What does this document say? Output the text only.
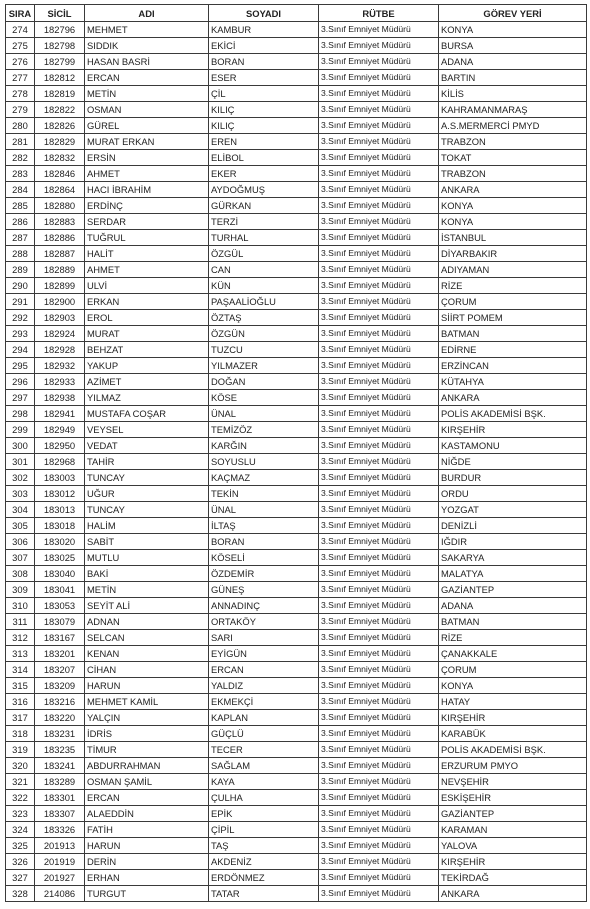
SIRA	SİCİL	ADI	SOYADI	RÜTBE	GÖREV YERİ
274	182796	MEHMET	KAMBUR	3.Sınıf Emniyet Müdürü	KONYA
275	182798	SIDDIK	EKİCİ	3.Sınıf Emniyet Müdürü	BURSA
276	182799	HASAN BASRİ	BORAN	3.Sınıf Emniyet Müdürü	ADANA
277	182812	ERCAN	ESER	3.Sınıf Emniyet Müdürü	BARTIN
278	182819	METİN	ÇİL	3.Sınıf Emniyet Müdürü	KİLİS
279	182822	OSMAN	KILIÇ	3.Sınıf Emniyet Müdürü	KAHRAMANMARAŞ
280	182826	GÜREL	KILIÇ	3.Sınıf Emniyet Müdürü	A.S.MERMERCİ PMYD
281	182829	MURAT ERKAN	EREN	3.Sınıf Emniyet Müdürü	TRABZON
282	182832	ERSİN	ELİBOL	3.Sınıf Emniyet Müdürü	TOKAT
283	182846	AHMET	EKER	3.Sınıf Emniyet Müdürü	TRABZON
284	182864	HACI İBRAHİM	AYDOĞMUŞ	3.Sınıf Emniyet Müdürü	ANKARA
285	182880	ERDİNÇ	GÜRKAN	3.Sınıf Emniyet Müdürü	KONYA
286	182883	SERDAR	TERZİ	3.Sınıf Emniyet Müdürü	KONYA
287	182886	TUĞRUL	TURHAL	3.Sınıf Emniyet Müdürü	İSTANBUL
288	182887	HALİT	ÖZGÜL	3.Sınıf Emniyet Müdürü	DİYARBAKIR
289	182889	AHMET	CAN	3.Sınıf Emniyet Müdürü	ADIYAMAN
290	182899	ULVİ	KÜN	3.Sınıf Emniyet Müdürü	RİZE
291	182900	ERKAN	PAŞAALİOĞLU	3.Sınıf Emniyet Müdürü	ÇORUM
292	182903	EROL	ÖZTAŞ	3.Sınıf Emniyet Müdürü	SİİRT POMEM
293	182924	MURAT	ÖZGÜN	3.Sınıf Emniyet Müdürü	BATMAN
294	182928	BEHZAT	TUZCU	3.Sınıf Emniyet Müdürü	EDİRNE
295	182932	YAKUP	YILMAZER	3.Sınıf Emniyet Müdürü	ERZİNCAN
296	182933	AZİMET	DOĞAN	3.Sınıf Emniyet Müdürü	KÜTAHYA
297	182938	YILMAZ	KÖSE	3.Sınıf Emniyet Müdürü	ANKARA
298	182941	MUSTAFA COŞAR	ÜNAL	3.Sınıf Emniyet Müdürü	POLİS AKADEMİSİ BŞK.
299	182949	VEYSEL	TEMİZÖZ	3.Sınıf Emniyet Müdürü	KIRŞEHİR
300	182950	VEDAT	KARĞIN	3.Sınıf Emniyet Müdürü	KASTAMONU
301	182968	TAHİR	SOYUSLU	3.Sınıf Emniyet Müdürü	NİĞDE
302	183003	TUNCAY	KAÇMAZ	3.Sınıf Emniyet Müdürü	BURDUR
303	183012	UĞUR	TEKİN	3.Sınıf Emniyet Müdürü	ORDU
304	183013	TUNCAY	ÜNAL	3.Sınıf Emniyet Müdürü	YOZGAT
305	183018	HALİM	İLTAŞ	3.Sınıf Emniyet Müdürü	DENİZLİ
306	183020	SABİT	BORAN	3.Sınıf Emniyet Müdürü	IĞDIR
307	183025	MUTLU	KÖSELİ	3.Sınıf Emniyet Müdürü	SAKARYA
308	183040	BAKİ	ÖZDEMİR	3.Sınıf Emniyet Müdürü	MALATYA
309	183041	METİN	GÜNEŞ	3.Sınıf Emniyet Müdürü	GAZİANTEP
310	183053	SEYİT ALİ	ANNADINÇ	3.Sınıf Emniyet Müdürü	ADANA
311	183079	ADNAN	ORTAKÖY	3.Sınıf Emniyet Müdürü	BATMAN
312	183167	SELCAN	SARI	3.Sınıf Emniyet Müdürü	RİZE
313	183201	KENAN	EYİGÜN	3.Sınıf Emniyet Müdürü	ÇANAKKALE
314	183207	CİHAN	ERCAN	3.Sınıf Emniyet Müdürü	ÇORUM
315	183209	HARUN	YALDIZ	3.Sınıf Emniyet Müdürü	KONYA
316	183216	MEHMET KAMİL	EKMEKÇİ	3.Sınıf Emniyet Müdürü	HATAY
317	183220	YALÇIN	KAPLAN	3.Sınıf Emniyet Müdürü	KIRŞEHİR
318	183231	İDRİS	GÜÇLÜ	3.Sınıf Emniyet Müdürü	KARABÜK
319	183235	TİMUR	TECER	3.Sınıf Emniyet Müdürü	POLİS AKADEMİSİ BŞK.
320	183241	ABDURRAHMAN	SAĞLAM	3.Sınıf Emniyet Müdürü	ERZURUM PMYO
321	183289	OSMAN ŞAMİL	KAYA	3.Sınıf Emniyet Müdürü	NEVŞEHİR
322	183301	ERCAN	ÇULHA	3.Sınıf Emniyet Müdürü	ESKİŞEHİR
323	183307	ALAEDDİN	EPİK	3.Sınıf Emniyet Müdürü	GAZİANTEP
324	183326	FATİH	ÇİPİL	3.Sınıf Emniyet Müdürü	KARAMAN
325	201913	HARUN	TAŞ	3.Sınıf Emniyet Müdürü	YALOVA
326	201919	DERİN	AKDENİZ	3.Sınıf Emniyet Müdürü	KIRŞEHİR
327	201927	ERHAN	ERDÖNMEZ	3.Sınıf Emniyet Müdürü	TEKİRDAĞ
328	214086	TURGUT	TATAR	3.Sınıf Emniyet Müdürü	ANKARA
